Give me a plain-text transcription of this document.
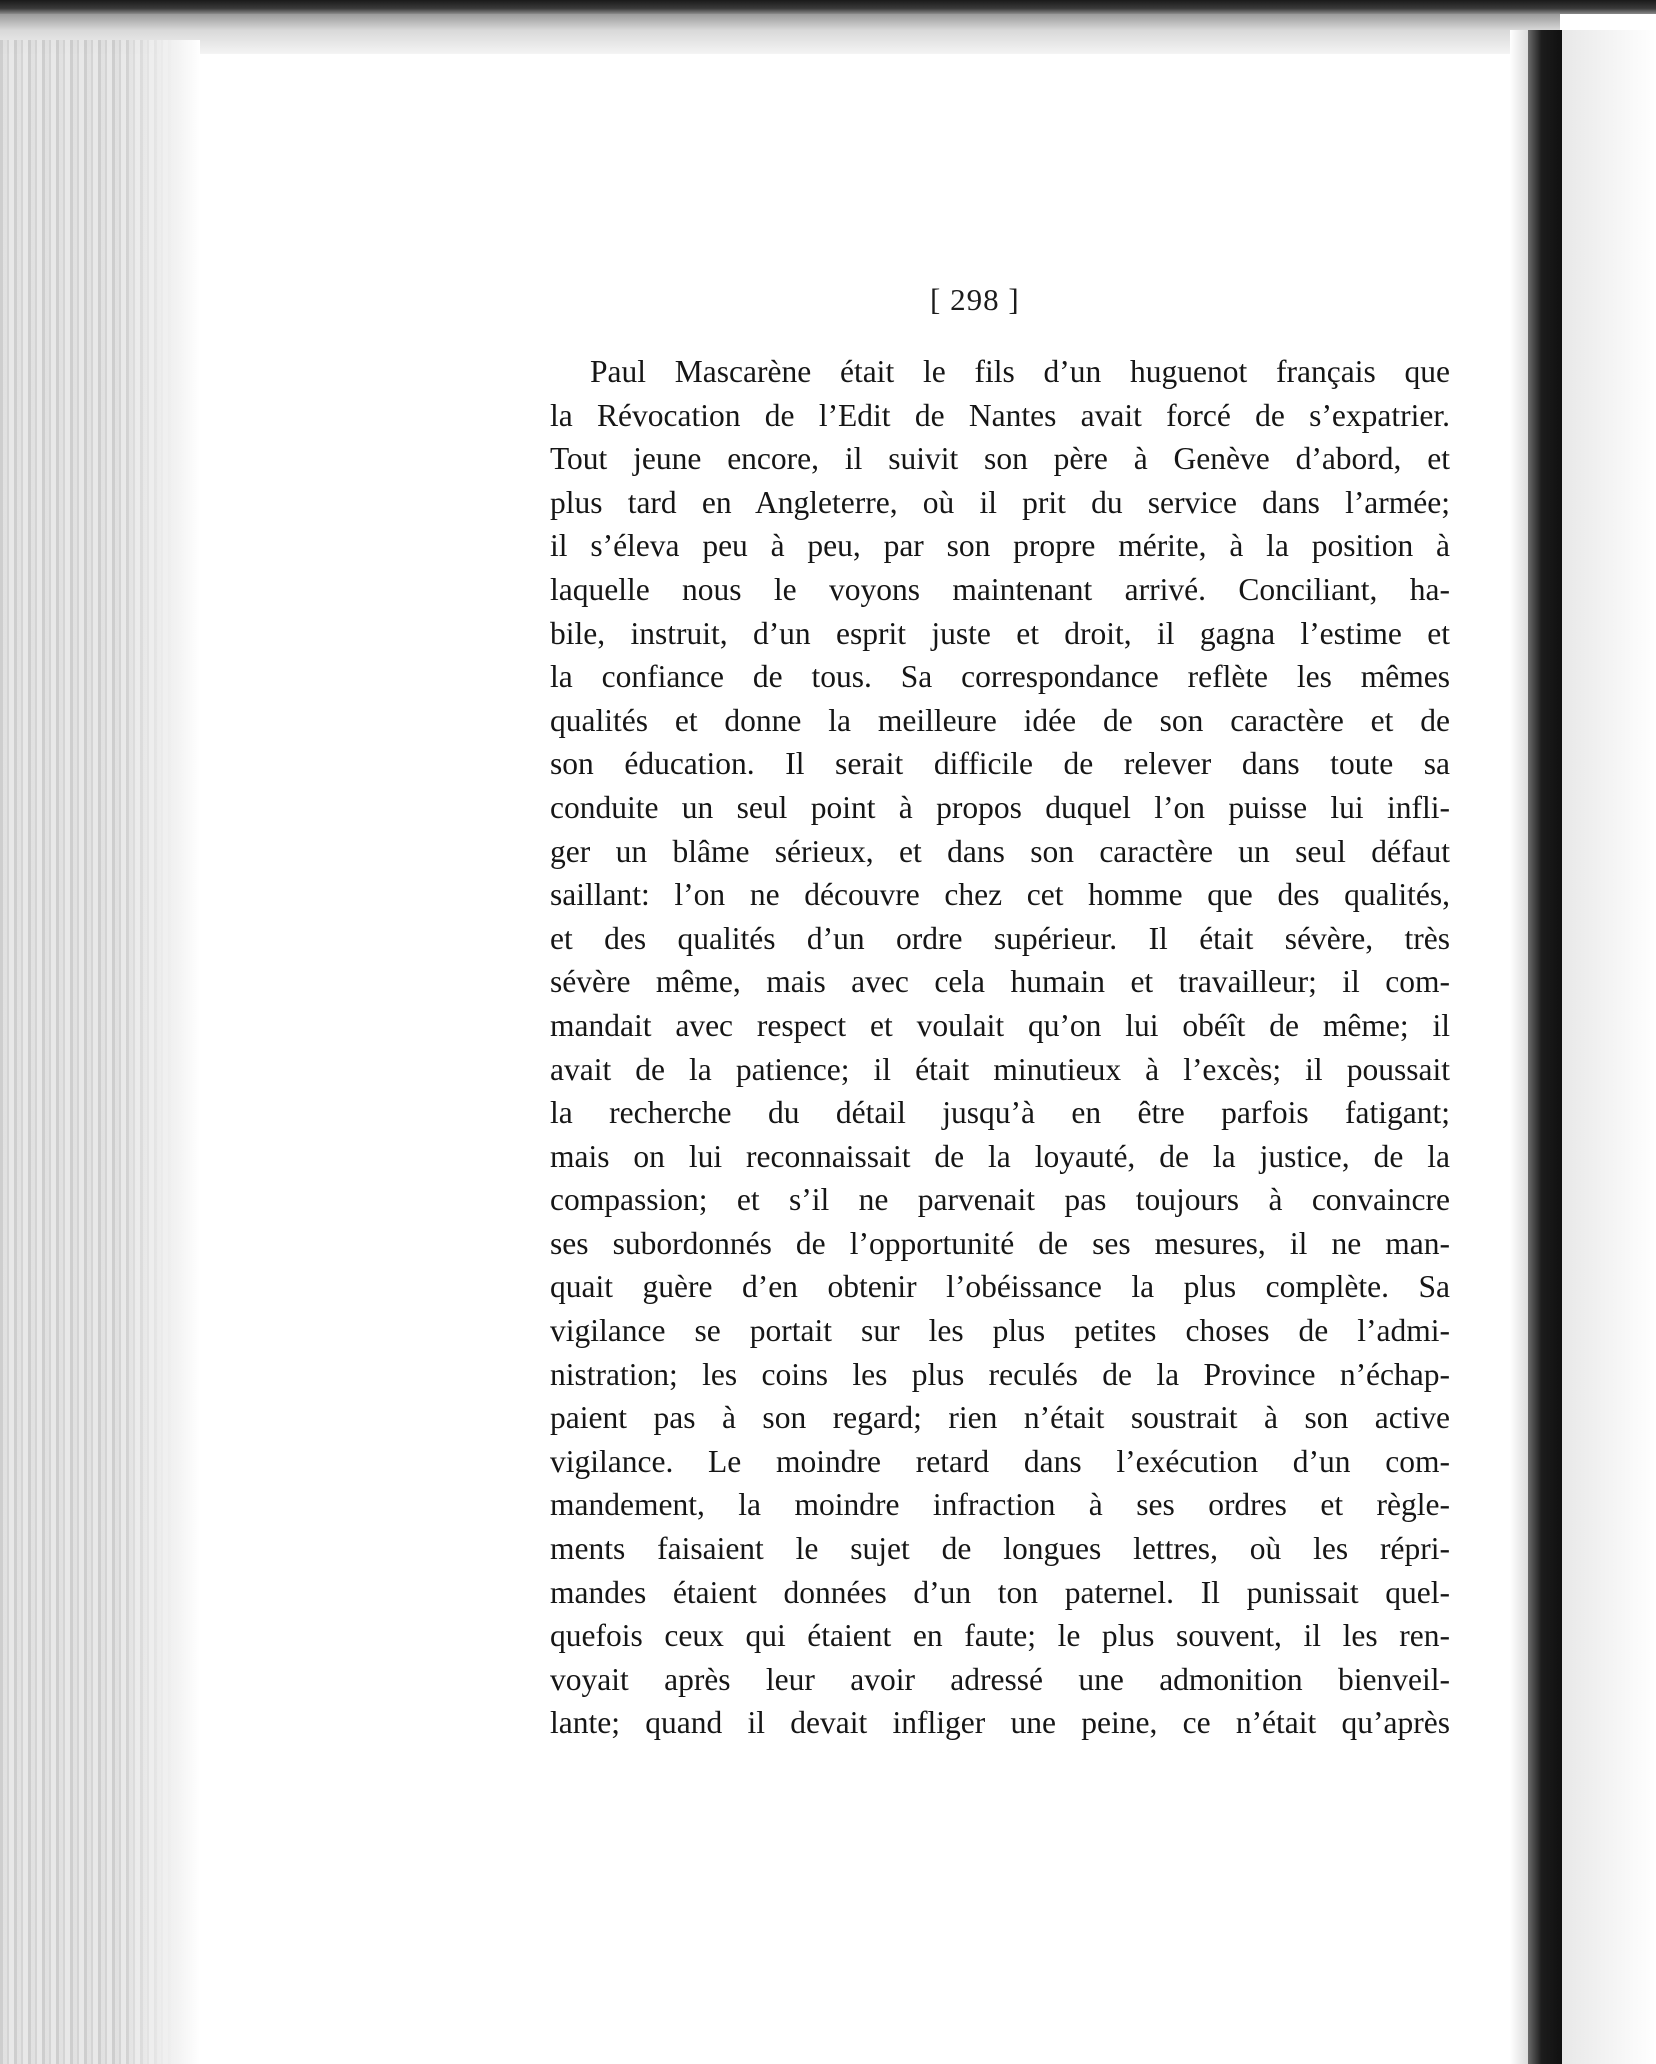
[ 298 ]
Paul Mascarène était le fils d’un huguenot français que
la Révocation de l’Edit de Nantes avait forcé de s’expatrier.
Tout jeune encore, il suivit son père à Genève d’abord, et
plus tard en Angleterre, où il prit du service dans l’armée;
il s’éleva peu à peu, par son propre mérite, à la position à
laquelle nous le voyons maintenant arrivé. Conciliant, ha-
bile, instruit, d’un esprit juste et droit, il gagna l’estime et
la confiance de tous. Sa correspondance reflète les mêmes
qualités et donne la meilleure idée de son caractère et de
son éducation. Il serait difficile de relever dans toute sa
conduite un seul point à propos duquel l’on puisse lui infli-
ger un blâme sérieux, et dans son caractère un seul défaut
saillant: l’on ne découvre chez cet homme que des qualités,
et des qualités d’un ordre supérieur. Il était sévère, très
sévère même, mais avec cela humain et travailleur; il com-
mandait avec respect et voulait qu’on lui obéît de même; il
avait de la patience; il était minutieux à l’excès; il poussait
la recherche du détail jusqu’à en être parfois fatigant;
mais on lui reconnaissait de la loyauté, de la justice, de la
compassion; et s’il ne parvenait pas toujours à convaincre
ses subordonnés de l’opportunité de ses mesures, il ne man-
quait guère d’en obtenir l’obéissance la plus complète. Sa
vigilance se portait sur les plus petites choses de l’admi-
nistration; les coins les plus reculés de la Province n’échap-
paient pas à son regard; rien n’était soustrait à son active
vigilance. Le moindre retard dans l’exécution d’un com-
mandement, la moindre infraction à ses ordres et règle-
ments faisaient le sujet de longues lettres, où les répri-
mandes étaient données d’un ton paternel. Il punissait quel-
quefois ceux qui étaient en faute; le plus souvent, il les ren-
voyait après leur avoir adressé une admonition bienveil-
lante; quand il devait infliger une peine, ce n’était qu’après
